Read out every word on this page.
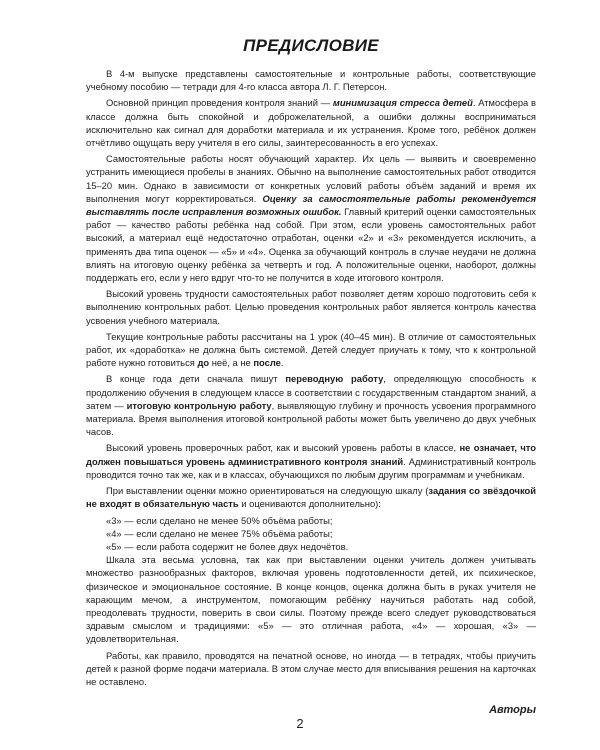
ПРЕДИСЛОВИЕ

В 4-м выпуске представлены самостоятельные и контрольные работы, соответствующие учебному пособию — тетради для 4-го класса автора Л. Г. Петерсон.

Основной принцип проведения контроля знаний — минимизация стресса детей. Атмосфера в классе должна быть спокойной и доброжелательной, а ошибки должны восприниматься исключительно как сигнал для доработки материала и их устранения. Кроме того, ребёнок должен отчётливо ощущать веру учителя в его силы, заинтересованность в его успехах.

Самостоятельные работы носят обучающий характер. Их цель — выявить и своевременно устранить имеющиеся пробелы в знаниях. Обычно на выполнение самостоятельных работ отводится 15–20 мин. Однако в зависимости от конкретных условий работы объём заданий и время их выполнения могут корректироваться. Оценку за самостоятельные работы рекомендуется выставлять после исправления возможных ошибок. Главный критерий оценки самостоятельных работ — качество работы ребёнка над собой. При этом, если уровень самостоятельных работ высокий, а материал ещё недостаточно отработан, оценки «2» и «3» рекомендуется исключить, а применять два типа оценок — «5» и «4». Оценка за обучающий контроль в случае неудачи не должна влиять на итоговую оценку ребёнка за четверть и год. А положительные оценки, наоборот, должны поддержать его, если у него вдруг что-то не получится в ходе итогового контроля.

Высокий уровень трудности самостоятельных работ позволяет детям хорошо подготовить себя к выполнению контрольных работ. Целью проведения контрольных работ является контроль качества усвоения учебного материала.

Текущие контрольные работы рассчитаны на 1 урок (40–45 мин). В отличие от самостоятельных работ, их «доработка» не должна быть системой. Детей следует приучать к тому, что к контрольной работе нужно готовиться до неё, а не после.

В конце года дети сначала пишут переводную работу, определяющую способность к продолжению обучения в следующем классе в соответствии с государственным стандартом знаний, а затем — итоговую контрольную работу, выявляющую глубину и прочность усвоения программного материала. Время выполнения итоговой контрольной работы может быть увеличено до двух учебных часов.

Высокий уровень проверочных работ, как и высокий уровень работы в классе, не означает, что должен повышаться уровень административного контроля знаний. Административный контроль проводится точно так же, как и в классах, обучающихся по любым другим программам и учебникам.

При выставлении оценки можно ориентироваться на следующую шкалу (задания со звёздочкой не входят в обязательную часть и оцениваются дополнительно):

«3» — если сделано не менее 50% объёма работы;
«4» — если сделано не менее 75% объёма работы;
«5» — если работа содержит не более двух недочётов.

Шкала эта весьма условна, так как при выставлении оценки учитель должен учитывать множество разнообразных факторов, включая уровень подготовленности детей, их психическое, физическое и эмоциональное состояние. В конце концов, оценка должна быть в руках учителя не карающим мечом, а инструментом, помогающим ребёнку научиться работать над собой, преодолевать трудности, поверить в свои силы. Поэтому прежде всего следует руководствоваться здравым смыслом и традициями: «5» — это отличная работа, «4» — хорошая, «3» — удовлетворительная.

Работы, как правило, проводятся на печатной основе, но иногда — в тетрадях, чтобы приучить детей к разной форме подачи материала. В этом случае место для вписывания решения на карточках не оставлено.

Авторы
2
